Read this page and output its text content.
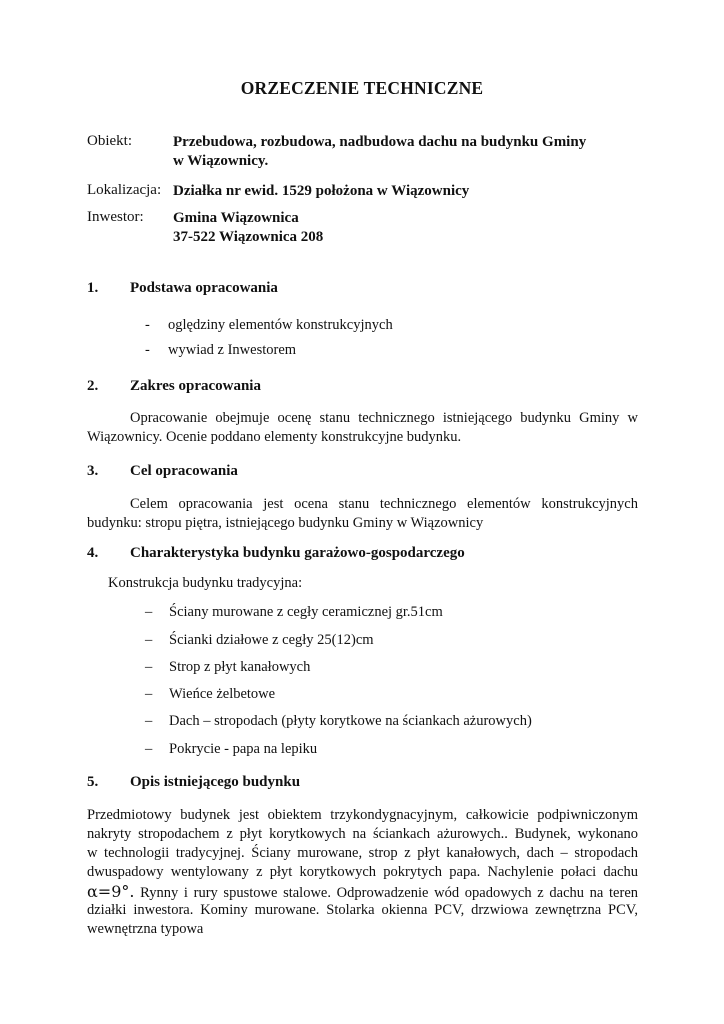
ORZECZENIE TECHNICZNE
Obiekt:	Przebudowa, rozbudowa, nadbudowa dachu na budynku Gminy
w Wiązownicy.
Lokalizacja: Działka nr ewid. 1529 położona w Wiązownicy
Inwestor: Gmina Wiązownica
37-522 Wiązownica 208
1. Podstawa opracowania
- oględziny elementów konstrukcyjnych
- wywiad z Inwestorem
2. Zakres opracowania
Opracowanie obejmuje ocenę stanu technicznego istniejącego budynku Gminy w Wiązownicy. Ocenie poddano elementy konstrukcyjne budynku.
3. Cel opracowania
Celem opracowania jest ocena stanu technicznego elementów konstrukcyjnych budynku: stropu piętra, istniejącego budynku Gminy w Wiązownicy
4. Charakterystyka budynku garażowo-gospodarczego
Konstrukcja budynku tradycyjna:
– Ściany murowane z cegły ceramicznej gr.51cm
– Ścianki działowe z cegły 25(12)cm
– Strop z płyt kanałowych
– Wieńce żelbetowe
– Dach – stropodach (płyty korytkowe na ściankach ażurowych)
– Pokrycie - papa na lepiku
5. Opis istniejącego budynku
Przedmiotowy budynek jest obiektem trzykondygnacyjnym, całkowicie podpiwniczonym
nakryty stropodachem z płyt korytkowych na ściankach ażurowych.. Budynek, wykonano
w technologii tradycyjnej. Ściany murowane, strop z płyt kanałowych, dach – stropodach
dwuspadowy wentylowany z płyt korytkowych pokrytych papa. Nachylenie połaci dachu
α=9°. Rynny i rury spustowe stalowe. Odprowadzenie wód opadowych z dachu na teren
działki inwestora. Kominy murowane. Stolarka okienna PCV, drzwiowa zewnętrzna PCV,
wewnętrzna typowa
